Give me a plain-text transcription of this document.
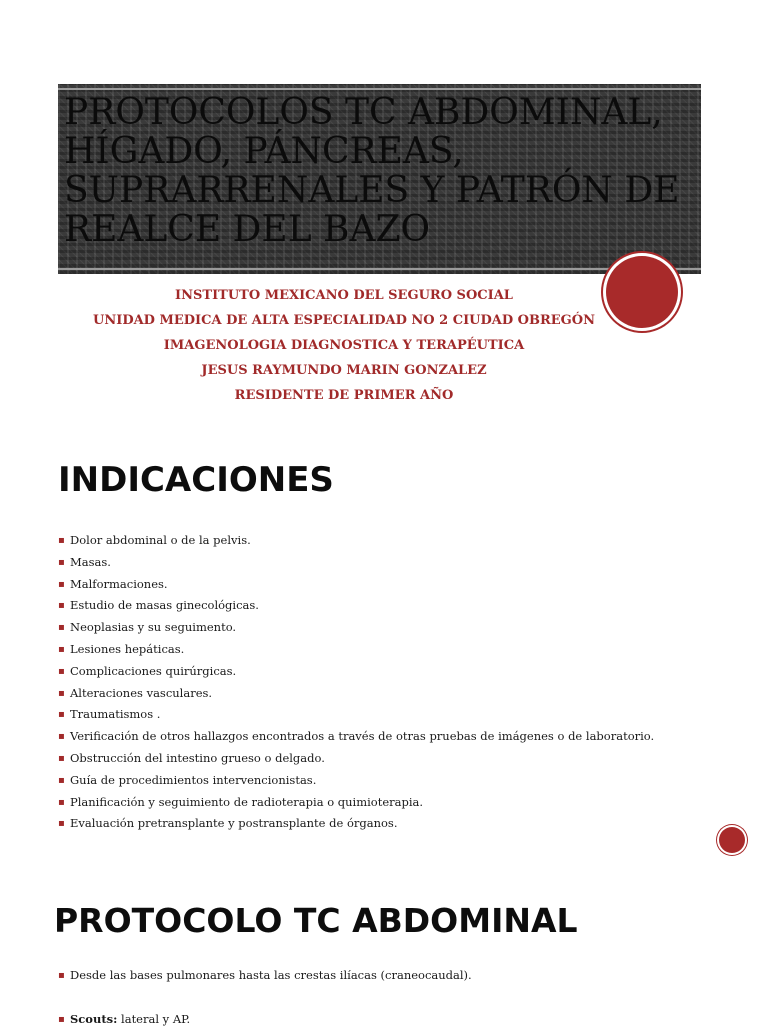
PROTOCOLOS TC ABDOMINAL,
HÍGADO, PÁNCREAS,
SUPRARRENALES Y PATRÓN DE
REALCE DEL BAZO
INSTITUTO MEXICANO DEL SEGURO SOCIAL
UNIDAD MEDICA DE ALTA ESPECIALIDAD NO 2 CIUDAD OBREGÓN
IMAGENOLOGIA DIAGNOSTICA Y TERAPÉUTICA
JESUS RAYMUNDO MARIN GONZALEZ
RESIDENTE DE PRIMER AÑO
INDICACIONES
▪ Dolor abdominal o de la pelvis.
▪ Masas.
▪ Malformaciones.
▪ Estudio de masas ginecológicas.
▪ Neoplasias y su seguimento.
▪ Lesiones hepáticas.
▪ Complicaciones quirúrgicas.
▪ Alteraciones vasculares.
▪ Traumatismos .
▪ Verificación de otros hallazgos encontrados a través de otras pruebas de imágenes o de laboratorio.
▪ Obstrucción del intestino grueso o delgado.
▪ Guía de procedimientos intervencionistas.
▪ Planificación y seguimiento de radioterapia o quimioterapia.
▪ Evaluación pretransplante y postransplante de órganos.
PROTOCOLO TC ABDOMINAL
▪ Desde las bases pulmonares hasta las crestas ilíacas (craneocaudal).
▪ Scouts: lateral y AP.
